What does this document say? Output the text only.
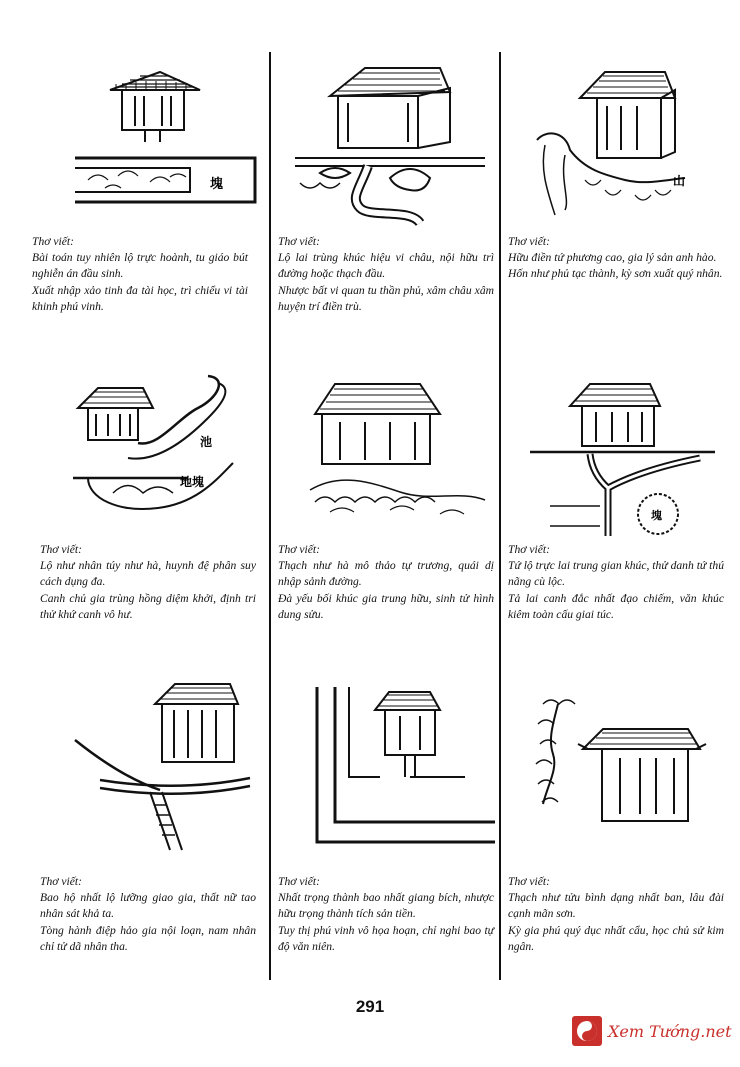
塊

Thơ viết:

Bài toán tuy nhiên lộ trực hoành, tu giáo bút nghiễn án đầu sinh.

Xuất nhập xảo tinh đa tài học, trì chiểu vi tài khinh phú vinh.

Thơ viết:

Lộ lai trùng khúc hiệu vi châu, nội hữu trì đường hoặc thạch đầu.

Nhược bất vi quan tu thần phủ, xâm châu xâm huyện trí điền trù.

山

Thơ viết:

Hữu điền tứ phương cao, gia lý sản anh hào.

Hốn như phủ tạc thành, kỳ sơn xuất quý nhân.

池
地塊

Thơ viết:

Lộ như nhân túy như hà, huynh đệ phân suy cách dụng đa.

Canh chủ gia trùng hồng diệm khởi, định tri thử khứ canh vô hư.

Thơ viết:

Thạch như hà mô thảo tự trương, quái dị nhập sảnh đường.

Đà yếu bối khúc gia trung hữu, sinh tử hình dung sửu.

塊

Thơ viết:

Tứ lộ trực lai trung gian khúc, thử danh tứ thú nãng cù lộc.

Tả lai canh đắc nhất đạo chiếm, văn khúc kiêm toàn cấu giai túc.

Thơ viết:

Bao hộ nhất lộ lưỡng giao gia, thất nữ tao nhân sát khả ta.

Tòng hành điệp hảo gia nội loạn, nam nhân chỉ tử dã nhân tha.

Thơ viết:

Nhất trọng thành bao nhất giang bích, nhược hữu trọng thành tích sản tiền.

Tuy thị phú vinh vô họa hoạn, chỉ nghi bao tự độ văn niên.

Thơ viết:

Thạch như tửu bình dạng nhất ban, lâu đài cạnh mãn sơn.

Kỳ gia phú quý dục nhất cẩu, học chủ sử kim ngân.

291
Xem Tướng.net
